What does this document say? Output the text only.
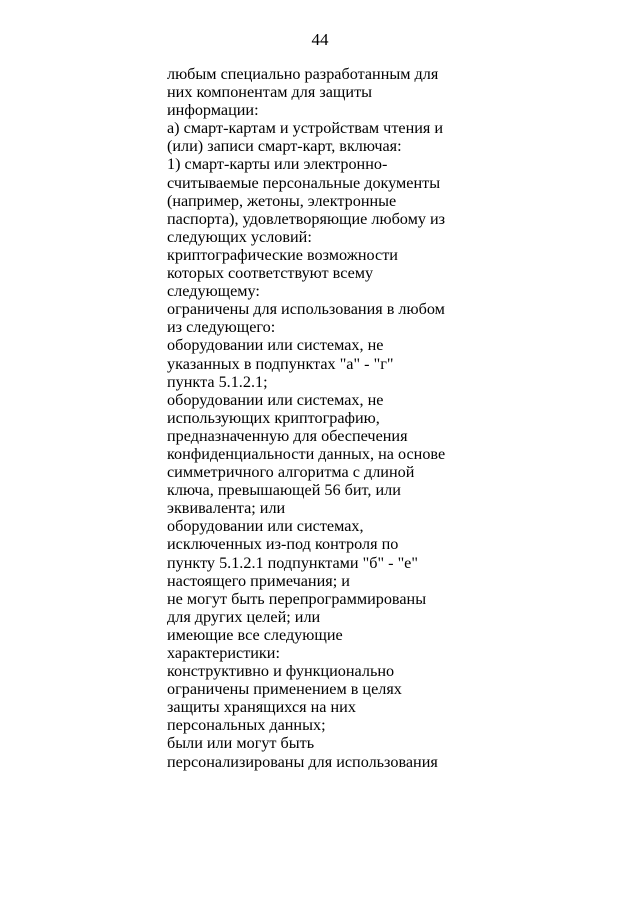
44
любым специально разработанным для
них компонентам для защиты
информации:
а) смарт-картам и устройствам чтения и
(или) записи смарт-карт, включая:
1) смарт-карты или электронно-
считываемые персональные документы
(например, жетоны, электронные
паспорта), удовлетворяющие любому из
следующих условий:
криптографические возможности
которых соответствуют всему
следующему:
ограничены для использования в любом
из следующего:
оборудовании или системах, не
указанных в подпунктах "а" - "г"
пункта 5.1.2.1;
оборудовании или системах, не
использующих криптографию,
предназначенную для обеспечения
конфиденциальности данных, на основе
симметричного алгоритма с длиной
ключа, превышающей 56 бит, или
эквивалента; или
оборудовании или системах,
исключенных из-под контроля по
пункту 5.1.2.1 подпунктами "б" - "е"
настоящего примечания; и
не могут быть перепрограммированы
для других целей; или
имеющие все следующие
характеристики:
конструктивно и функционально
ограничены применением в целях
защиты хранящихся на них
персональных данных;
были или могут быть
персонализированы для использования
